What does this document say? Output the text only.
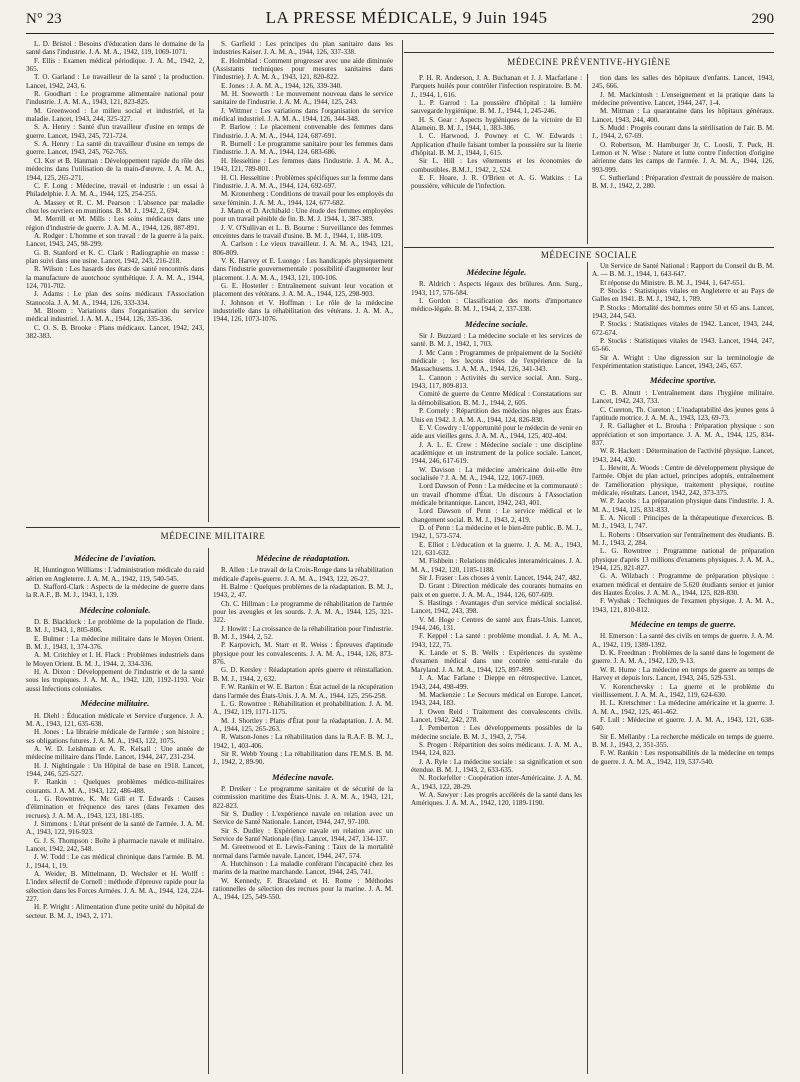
N° 23	LA PRESSE MÉDICALE, 9 Juin 1945	290
MÉDECINE PRÉVENTIVE-HYGIÈNE
MÉDECINE SOCIALE
MÉDECINE MILITAIRE

L. D. Bristol : Besoins d'éducation dans le domaine de la santé dans l'industrie. J. A. M. A., 1942, 119, 1069-1071.

F. Ellis : Examen médical périodique. J. A. M., 1942, 2, 365.

T. O. Garland : Le travailleur de la santé ; la production. Lancet, 1942, 243, 6.

R. Goodhart : Le programme alimentaire national pour l'industrie. J. A. M. A., 1943, 121, 823-825.

M. Greenwood : Le milieu social et industriel, et la maladie. Lancet, 1943, 244, 325-327.

S. A. Henry : Santé d'un travailleur d'usine en temps de guerre. Lancet, 1943, 245, 721-724.

S. A. Henry : La santé du travailleur d'usine en temps de guerre. Lancet, 1943, 245, 762-765.

Cl. Ker et B. Hanman : Développement rapide du rôle des médecins dans l'utilisation de la main-d'œuvre. J. A. M. A., 1944, 125, 265-271.

C. F. Long : Médecine, travail et industrie : un essai à Philadelphie. J. A. M. A., 1944, 125, 254-255.

A. Massey et R. C. M. Pearson : L'absence par maladie chez les ouvriers en munitions. B. M. J., 1942, 2, 694.

M. Merrill et M. Mills : Les soins médicaux dans une région d'industrie de guerre. J. A. M. A., 1944, 126, 887-891.

A. Rodger : L'homme et son travail : de la guerre à la paix. Lancet, 1943, 245, 98-299.

G. B. Stanford et K. C. Clark : Radiographie en masse : plan suivi dans une usine. Lancet, 1942, 243, 216-218.

R. Wilson : Les hasards des états de santé rencontrés dans la manufacture de auotchouc synthétique. J. A. M. A., 1944, 124, 701-702.

J. Adams : Le plan des soins médicaux l'Association Stanocola. J. A. M. A., 1944, 126, 333-334.

M. Bloom : Variations dans l'organisation du service médical industriel. J. A. M. A., 1944, 126, 335-336.

C. O. S. B. Brooke : Plans médicaux. Lancet, 1942, 243, 382-383.

S. Garfield : Les principes du plan sanitaire dans les industries Kaiser. J. A. M. A., 1944, 126, 337-338.

E. Holmblad : Comment progresser avec une aide diminuée (Assistants techniques pour mesures sanitaires dans l'industrie). J. A. M. A., 1943, 121, 820-822.

E. Jones : J. A. M. A., 1944, 126, 339-340.

M. H. Soeworth : Le mouvement nouveau dans le service sanitaire de l'industrie. J. A. M. A., 1944, 125, 243.

J. Wittmer : Les variations dans l'organisation du service médical industriel. J. A. M. A., 1944, 126, 344-348.

P. Barlow : Le placement convenable des femmes dans l'industrie. J. A. M. A., 1944, 124, 687-691.

R. Burnell : Le programme sanitaire pour les femmes dans l'industrie. J. A. M. A., 1944, 124, 683-686.

H. Hesseltine : Les femmes dans l'industrie. J. A. M. A., 1943, 121, 789-801.

H. Cl. Hesseltine : Problèmes spécifiques sur la femme dans l'industrie. J. A. M. A., 1944, 124, 692-697.

M. Kronenberg : Conditions de travail pour les employés du sexe féminin. J. A. M. A., 1944, 124, 677-682.

J. Mann et D. Archibald : Une étude des femmes employées pour un travail pénible de fin. B. M. J. 1944, 1, 387-389.

J. V. O'Sullivan et L. B. Bourne : Surveillance des femmes enceintes dans le travail d'usine. B. M. J., 1944, 1, 108-109.

A. Carlson : Le vieux travailleur. J. A. M. A., 1943, 121, 806-809.

V. K. Harvey et E. Luongo : Les handicapés physiquement dans l'industrie gouvernementale : possibilité d'augmenter leur placement. J. A. M. A., 1943, 121, 100-106.

G. E. Hostetler : Entraînement suivant leur vocation et placement des vétérans. J. A. M. A., 1944, 125, 298-903.

J. Johnson et V. Hoffman : Le rôle de la médecine industrielle dans la réhabilitation des vétérans. J. A. M. A., 1944, 126, 1073-1076.

P. H. R. Anderson, J. A. Buchanan et J. J. Macfarlane : Parquets huilés pour contrôler l'infection respiratoire. B. M. J., 1944, 1, 616.

L. P. Garrod : La poussière d'hôpital : la lumière sauvegarde hygiénique. B. M. J., 1944, 1, 245-246.

H. S. Gear : Aspects hygiéniques de la victoire de El Alamein. B. M. J., 1944, 1, 383-386.

I. C. Harwood, J. Powney et C. W. Edwards : Application d'huile faisant tomber la poussière sur la literie d'hôpital. B. M. J., 1944, 1, 615.

Sir L. Hill : Les vêtements et les économies de combustibles. B.M.J., 1942, 2, 524.

E. F. Hoare, J. R. O'Brien et A. G. Watkins : La poussière, véhicule de l'infection.

tion dans les salles des hôpitaux d'enfants. Lancet, 1943, 245, 666.

J. M. Mackintosh : L'enseignement et la pratique dans la médecine préventive. Lancet, 1944, 247, 1-4.

M. Mitman : La quarantaine dans les hôpitaux généraux. Lancet, 1943, 244, 400.

S. Mudd : Progrès courant dans la stérilisation de l'air. B. M. J., 1944, 2, 67-69.

O. Robertson, M. Hamburger Jr, C. Loosli, T. Puck, H. Lemon et N. Wise : Nature et lutte contre l'infection d'origine aérienne dans les camps de l'armée. J. A. M. A., 1944, 126, 993-999.

C. Sutherland : Préparation d'extrait de poussière de maison. B. M. J., 1942, 2, 280.

Médecine légale.

R. Aldrich : Aspects légaux des brûlures. Ann. Surg., 1943, 117, 576-584.

I. Gordon : Classification des morts d'importance médico-légale. B. M. J., 1944, 2, 337-338.

Médecine sociale.

Sir J. Buzzard : La médecine sociale et les services de santé. B. M. J., 1942, 1, 703.

J. Mc Cann : Programmes de prépaiement de la Société médicale ; les leçons tirées de l'expérience de la Massachusetts. J. A. M. A., 1944, 126, 341-343.

L. Cannon : Activités du service social. Ann. Surg., 1943, 117, 809-813.

Comité de guerre du Centre Médical : Constatations sur la démobilisation. B. M. J., 1944, 2, 605.

P. Cornely : Répartition des médecins nègres aux États-Unis en 1942. J. A. M. A., 1944, 124, 826-830.

E. V. Cowdry : L'opportunité pour le médecin de venir en aide aux vieilles gens. J. A. M. A., 1944, 125, 402-404.

J. A. L. E. Crew : Médecine sociale : une discipline académique et un instrument de la police sociale. Lancet, 1944, 246, 617-619.

W. Davison : La médecine américaine doit-elle être socialisée ? J. A. M. A., 1944, 122, 1067-1069.

Lord Dawson of Penn : La médecine et la communauté : un travail d'homme d'État. Un discours à l'Association médicale britannique. Lancet, 1942, 243, 401.

Lord Dawson of Penn : Le service médical et le changement social. B. M. J., 1943, 2, 419.

D. of Penn : La médecine et le bien-être public. B. M. J., 1942, 1, 573-574.

E. Elliot : L'éducation et la guerre. J. A. M. A., 1943, 121, 631-632.

M. Fishbein : Relations médicales interaméricaines. J. A. M. A., 1942, 120, 1185-1188.

Sir J. Fraser : Les choses à venir. Lancet, 1944, 247, 482.

D. Grant : Direction médicale des courants humains en paix et en guerre. J. A. M. A., 1944, 126, 607-609.

S. Hastings : Avantages d'un service médical socialisé. Lancet, 1942, 243, 398.

V. M. Hoge : Centres de santé aux États-Unis. Lancet, 1944, 246, 131.

F. Keppel : La santé : problème mondial. J. A. M. A., 1943, 122, 75.

K. Lande et S. B. Wells : Expériences du système d'examen médical dans une contrée semi-rurale du Maryland. J. A. M. A., 1944, 125, 897-899.

J. A. Mac Farlane : Dieppe en rétrospective. Lancet, 1943, 244, 498-499.

M. Mackenzie : Le Secours médical en Europe. Lancet, 1943, 244, 183.

J. Owen Reid : Traitement des convalescents civils. Lancet, 1942, 242, 278.

J. Pemberton : Les développements possibles de la médecine sociale. B. M. J., 1943, 2, 754.

S. Progen : Répartition des soins médicaux. J. A. M. A., 1944, 124, 823.

J. A. Ryle : La médecine sociale : sa signification et son étendue. B. M. J., 1943, 2, 633-635.

N. Rockefeller : Coopération inter-Américaine. J. A. M. A., 1943, 122, 28-29.

W. A. Sawyer : Les progrès accélérés de la santé dans les Amériques. J. A. M. A., 1942, 120, 1189-1190.

Un Service de Santé National : Rapport du Conseil du B. M. A. — B. M. J., 1944, 1, 643-647.

Et réponse du Ministre. B. M. J., 1944, 1, 647-651.

P. Stocks : Statistiques vitales en Angleterre et au Pays de Galles en 1941. B. M. J., 1942, 1, 789.

P. Stocks : Mortalité des hommes entre 50 et 65 ans. Lancet, 1943, 244, 543.

P. Stocks : Statistiques vitales de 1942. Lancet, 1943, 244, 672-674.

P. Stocks : Statistiques vitales de 1943. Lancet, 1944, 247, 65-66.

Sir A. Wright : Une digression sur la terminologie de l'expérimentation statistique. Lancet, 1943, 245, 657.

Médecine sportive.

C. B. Alnutt : L'entraînement dans l'hygiène militaire. Lancet, 1942, 243, 733.

C. Cureton, Th. Cureton : L'inadaptabilité des jeunes gens à l'aptitude motrice. J. A. M. A., 1943, 123, 69-73.

J. R. Gallagher et L. Brouha : Préparation physique : son appréciation et son importance. J. A. M. A., 1944, 125, 834-837.

W. R. Hackett : Détermination de l'activité physique. Lancet, 1943, 244, 430.

L. Hewitt, A. Woods : Centre de développement physique de l'armée. Objet du plan actuel, principes adoptés, entraînement de l'amélioration physique, traitement physique, routine médicale, résultats. Lancet, 1942, 242, 373-375.

W. P. Jacobs : La préparation physique dans l'industrie. J. A. M. A., 1944, 125, 831-833.

E. A. Nicoll : Principes de la thérapeutique d'exercices. B. M. J., 1943, 1, 747.

L. Roberts : Observation sur l'entraînement des étudiants. B. M. J., 1943, 2, 284.

L. G. Rowntree : Programme national de préparation physique d'après 13 millions d'examens physiques. J. A. M. A., 1944, 125, 821-827.

G. A. Wilzbach : Programme de préparation physique : examen médical et dentaire de 5.620 étudiants senior et junior des Hautes Écoles. J. A. M. A., 1944, 125, 828-830.

F. Wyshak : Techniques de l'examen physique. J. A. M. A., 1943, 121, 810-812.

Médecine en temps de guerre.

H. Emerson : La santé des civils en temps de guerre. J. A. M. A., 1942, 119, 1389-1392.

D. K. Freedman : Problèmes de la santé dans le logement de guerre. J. A. M. A., 1942, 120, 9-13.

W. R. Hume : La médecine en temps de guerre au temps de Harvey et depuis lors. Lancet, 1943, 245, 529-531.

V. Korenchevsky : La guerre et le problème du vieillissement. J. A. M. A., 1942, 119, 624-630.

H. L. Kretschmer : La médecine américaine et la guerre. J. A. M. A., 1942, 125, 461-462.

F. Lull : Médecine et guerre. J. A. M. A., 1943, 121, 638-640.

Sir E. Mellanby : La recherche médicale en temps de guerre. B. M. J., 1943, 2, 351-355.

F. W. Rankin : Les responsabilités de la médecine en temps de guerre. J. A. M. A., 1942, 119, 537-540.

Médecine de l'aviation.

H. Huntington Williams : L'administration médicale du raid aérien en Angleterre. J. A. M. A., 1942, 119, 540-545.

D. Stafford-Clark : Aspects de la médecine de guerre dans la R.A.F., B. M. J., 1943, 1, 139.

Médecine coloniale.

D. B. Blacklock : Le problème de la population de l'Inde. B. M. J., 1943, 1, 805-806.

E. Bulmer : La médecine militaire dans le Moyen Orient. B. M. J., 1943, 1, 374-376.

A. M. Critchley et I. H. Flack : Problèmes industriels dans le Moyen Orient. B. M. J., 1944, 2, 334-336.

H. A. Dixon : Développement de l'industrie et de la santé sous les tropiques. J. A. M. A., 1942, 120, 1192-1193. Voir aussi Infections coloniales.

Médecine militaire.

H. Diehl : Éducation médicale et Service d'urgence. J. A. M. A., 1943, 121, 635-638.

H. Jones : La librairie médicale de l'armée ; son histoire ; ses obligations futures. J. A. M. A., 1943, 122, 1075.

A. W. D. Leishman et A. R. Kelsall : Une année de médecine militaire dans l'Inde. Lancet, 1944, 247, 231-234.

H. J. Nightingale : Un Hôpital de base en 1918. Lancet, 1944, 246, 525-527.

F. Rankin : Quelques problèmes médico-militaires courants. J. A. M. A., 1943, 122, 486-488.

L. G. Rowntree, K. Mc Gill et T. Edwards : Causes d'élimination et fréquence des tares (dans l'examen des recrues). J. A. M. A., 1943, 123, 181-185.

J. Simmons : L'état présent de la santé de l'armée. J. A. M. A., 1943, 122, 916-923.

G. J. S. Thompson : Boîte à pharmacie navale et militaire. Lancet, 1942, 242, 548.

J. W. Todd : Le cas médical chronique dans l'armée. B. M. J., 1944, 1, 19.

A. Weider, B. Mittelmann, D. Wechsler et H. Wolff : L'index sélectif de Cornell : méthode d'épreuve rapide pour la sélection dans les Forces Armées. J. A. M. A., 1944, 124, 224-227.

H. P. Wright : Alimentation d'une petite unité du hôpital de secteur. B. M. J., 1943, 2, 171.

Médecine de réadaptation.

R. Allen : Le travail de la Croix-Rouge dans la réhabilitation médicale d'après-guerre. J. A. M. A., 1943, 122, 26-27.

H. Balme : Quelques problèmes de la réadaptation. B. M. J., 1943, 2, 47.

Ch. C. Hillman : Le programme de réhabilitation de l'armée pour les aveugles et les sourds. J. A. M. A., 1944, 125, 321-322.

J. Howitt : La croissance de la réhabilitation pour l'industrie. B. M. J., 1944, 2, 52.

P. Karpovich, M. Starr et R. Weiss : Épreuves d'aptitude physique pour les convalescents. J. A. M. A., 1944, 126, 873-876.

G. D. Kersley : Réadaptation après guerre et réinstallation. B. M. J., 1944, 2, 632.

F. W. Rankin et W. E. Barton : État actuel de la récupération dans l'armée des États-Unis. J. A. M. A., 1944, 125, 256-258.

L. G. Rowntree : Réhabilitation et prohabilitation. J. A. M. A., 1942, 119, 1171-1175.

M. J. Shortley : Plans d'État pour la réadaptation. J. A. M. A., 1944, 125, 265-263.

R. Watson-Jones : La réhabilitation dans la R.A.F. B. M. J., 1942, 1, 403-406.

Sir R. Webb Young : La réhabilitation dans l'E.M.S. B. M. J., 1942, 2, 89-90.

Médecine navale.

P. Dreiker : Le programme sanitaire et de sécurité de la commission maritime des États-Unis. J. A. M. A., 1943, 121, 822-823.

Sir S. Dudley : L'expérience navale en relation avec un Service de Santé Nationale. Lancet, 1944, 247, 97-100.

Sir S. Dudley : Expérience navale en relation avec un Service de Santé Nationale (fin). Lancet, 1944, 247, 134-137.

M. Greenwood et E. Lewis-Faning : Taux de la mortalité normal dans l'armée navale. Lancet, 1944, 247, 574.

A. Hutchinson : La maladie conférant l'incapacité chez les marins de la marine marchande. Lancet, 1944, 245, 741.

W. Kennedy, F. Braceland et H. Rome : Méthodes rationnelles de sélection des recrues pour la marine. J. A. M. A., 1944, 125, 549-550.
